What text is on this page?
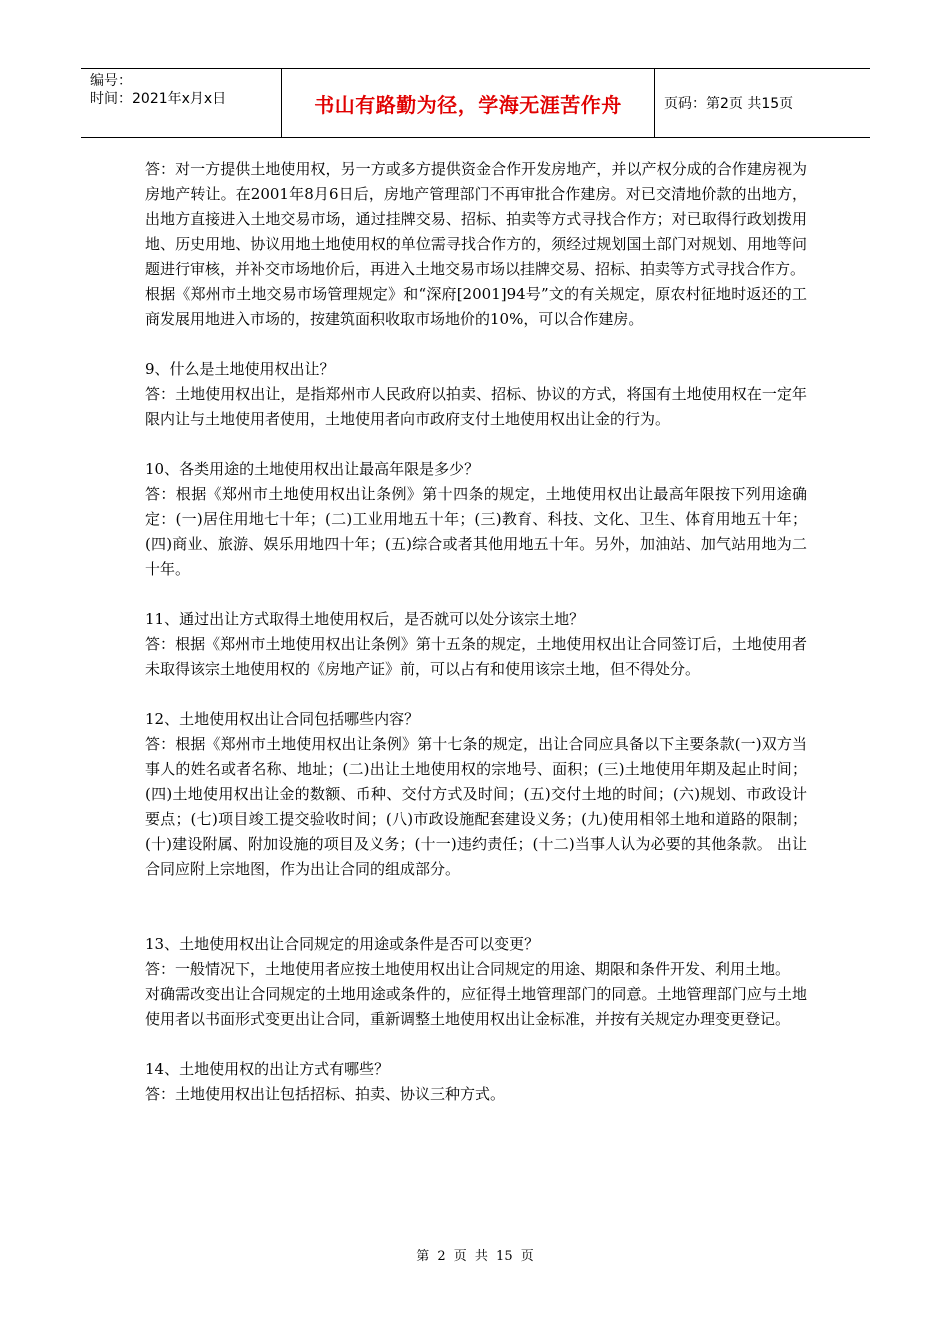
编号：
时间：2021年x月x日	书山有路勤为径，学海无涯苦作舟	页码：第2页 共15页

答：对一方提供土地使用权，另一方或多方提供资金合作开发房地产，并以产权分成的合作建房视为房地产转让。在2001年8月6日后，房地产管理部门不再审批合作建房。对已交清地价款的出地方，出地方直接进入土地交易市场，通过挂牌交易、招标、拍卖等方式寻找合作方；对已取得行政划拨用地、历史用地、协议用地土地使用权的单位需寻找合作方的，须经过规划国土部门对规划、用地等问题进行审核，并补交市场地价后，再进入土地交易市场以挂牌交易、招标、拍卖等方式寻找合作方。

根据《郑州市土地交易市场管理规定》和“深府[2001]94号”文的有关规定，原农村征地时返还的工商发展用地进入市场的，按建筑面积收取市场地价的10%，可以合作建房。

9、什么是土地使用权出让？

答：土地使用权出让，是指郑州市人民政府以拍卖、招标、协议的方式，将国有土地使用权在一定年限内让与土地使用者使用，土地使用者向市政府支付土地使用权出让金的行为。

10、各类用途的土地使用权出让最高年限是多少？

答：根据《郑州市土地使用权出让条例》第十四条的规定，土地使用权出让最高年限按下列用途确定：(一)居住用地七十年；(二)工业用地五十年；(三)教育、科技、文化、卫生、体育用地五十年； (四)商业、旅游、娱乐用地四十年；(五)综合或者其他用地五十年。另外，加油站、加气站用地为二十年。

11、通过出让方式取得土地使用权后，是否就可以处分该宗土地？

答：根据《郑州市土地使用权出让条例》第十五条的规定，土地使用权出让合同签订后，土地使用者未取得该宗土地使用权的《房地产证》前，可以占有和使用该宗土地，但不得处分。

12、土地使用权出让合同包括哪些内容？

答：根据《郑州市土地使用权出让条例》第十七条的规定，出让合同应具备以下主要条款(一)双方当事人的姓名或者名称、地址；(二)出让土地使用权的宗地号、面积；(三)土地使用年期及起止时间；(四)土地使用权出让金的数额、币种、交付方式及时间；(五)交付土地的时间；(六)规划、市政设计要点；(七)项目竣工提交验收时间；(八)市政设施配套建设义务；(九)使用相邻土地和道路的限制；(十)建设附属、附加设施的项目及义务；(十一)违约责任；(十二)当事人认为必要的其他条款。 出让合同应附上宗地图，作为出让合同的组成部分。

13、土地使用权出让合同规定的用途或条件是否可以变更？

答：一般情况下，土地使用者应按土地使用权出让合同规定的用途、期限和条件开发、利用土地。

对确需改变出让合同规定的土地用途或条件的，应征得土地管理部门的同意。土地管理部门应与土地使用者以书面形式变更出让合同，重新调整土地使用权出让金标准，并按有关规定办理变更登记。

14、土地使用权的出让方式有哪些？

答：土地使用权出让包括招标、拍卖、协议三种方式。

第 2 页 共 15 页
